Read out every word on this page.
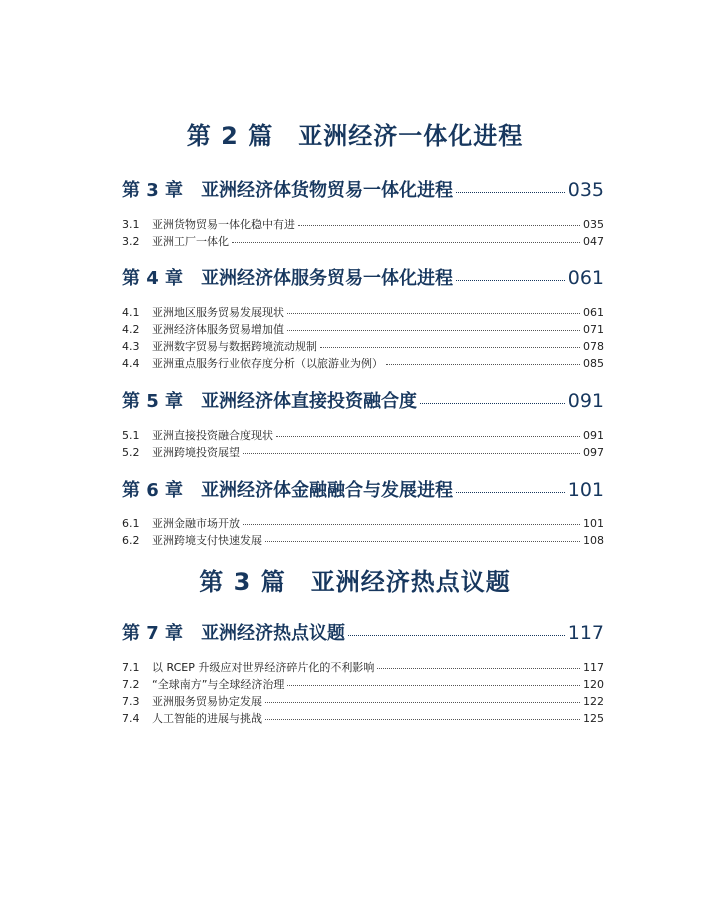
第 2 篇　亚洲经济一体化进程
第 3 章 亚洲经济体货物贸易一体化进程	035
3.1	亚洲货物贸易一体化稳中有进	035
3.2	亚洲工厂一体化	047
第 4 章 亚洲经济体服务贸易一体化进程	061
4.1	亚洲地区服务贸易发展现状	061
4.2	亚洲经济体服务贸易增加值	071
4.3	亚洲数字贸易与数据跨境流动规制	078
4.4	亚洲重点服务行业依存度分析（以旅游业为例）	085
第 5 章 亚洲经济体直接投资融合度	091
5.1	亚洲直接投资融合度现状	091
5.2	亚洲跨境投资展望	097
第 6 章 亚洲经济体金融融合与发展进程	101
6.1	亚洲金融市场开放	101
6.2	亚洲跨境支付快速发展	108
第 3 篇　亚洲经济热点议题
第 7 章 亚洲经济热点议题	117
7.1	以 RCEP 升级应对世界经济碎片化的不利影响	117
7.2	“全球南方”与全球经济治理	120
7.3	亚洲服务贸易协定发展	122
7.4	人工智能的进展与挑战	125
